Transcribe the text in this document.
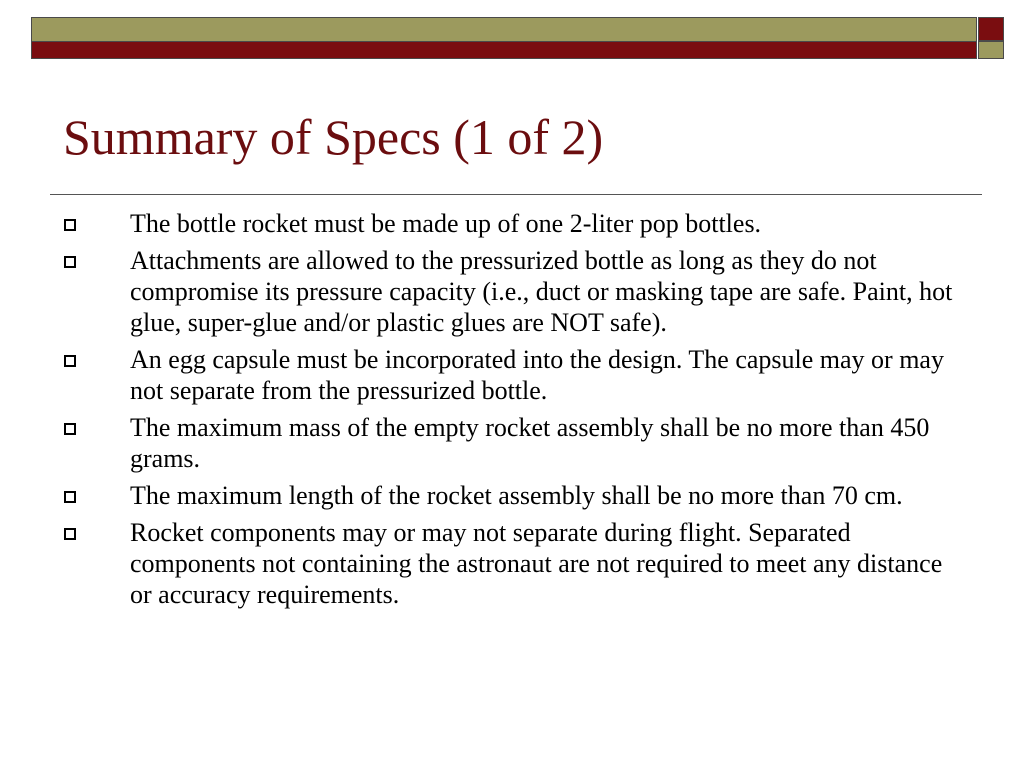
Summary of Specs (1 of 2)
The bottle rocket must be made up of one 2-liter pop bottles.
Attachments are allowed to the pressurized bottle as long as they do not compromise its pressure capacity (i.e., duct or masking tape are safe. Paint, hot glue, super-glue and/or plastic glues are NOT safe).
An egg capsule must be incorporated into the design. The capsule may or may not separate from the pressurized bottle.
The maximum mass of the empty rocket assembly shall be no more than 450 grams.
The maximum length of the rocket assembly shall be no more than 70 cm.
Rocket components may or may not separate during flight. Separated components not containing the astronaut are not required to meet any distance or accuracy requirements.
